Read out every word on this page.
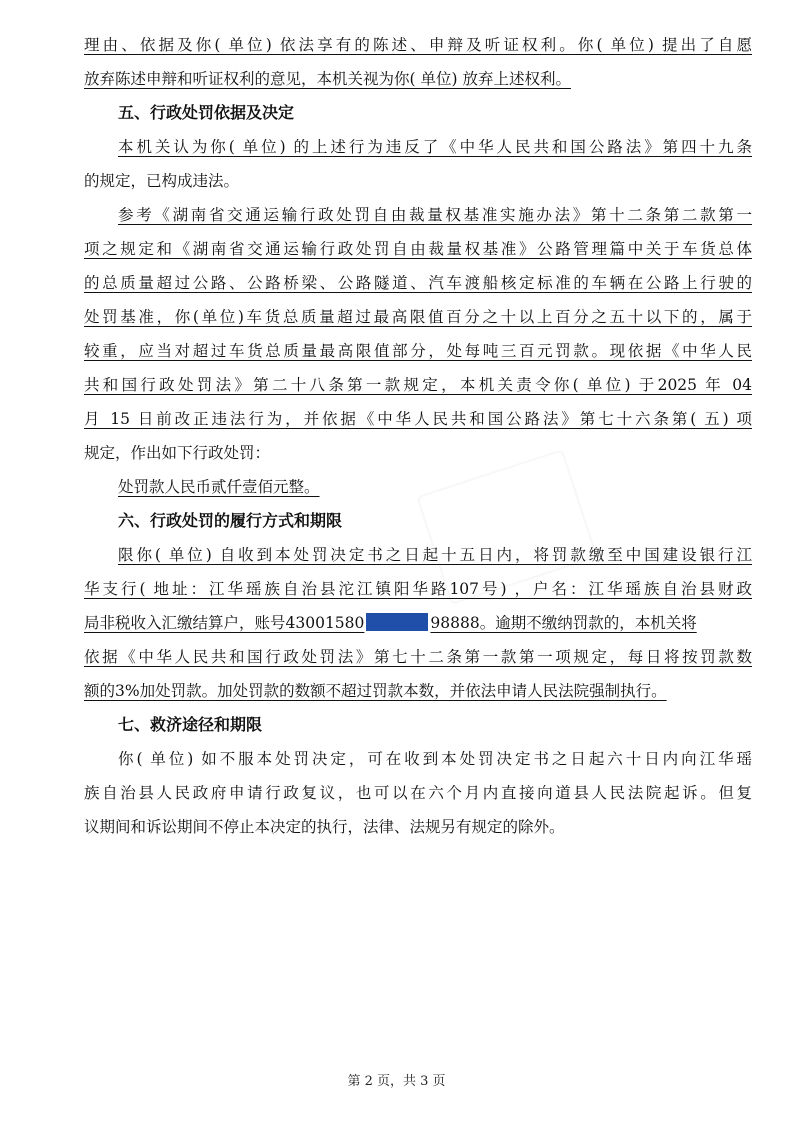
理由、依据及你( 单位) 依法享有的陈述、申辩及听证权利。你( 单位) 提出了自愿
放弃陈述申辩和听证权利的意见，本机关视为你( 单位) 放弃上述权利。
五、行政处罚依据及决定
本机关认为你( 单位) 的上述行为违反了《中华人民共和国公路法》第四十九条
的规定，已构成违法。
参考《湖南省交通运输行政处罚自由裁量权基准实施办法》第十二条第二款第一
项之规定和《湖南省交通运输行政处罚自由裁量权基准》公路管理篇中关于车货总体
的总质量超过公路、公路桥梁、公路隧道、汽车渡船核定标准的车辆在公路上行驶的
处罚基准，你(单位)车货总质量超过最高限值百分之十以上百分之五十以下的，属于
较重，应当对超过车货总质量最高限值部分，处每吨三百元罚款。现依据《中华人民
共和国行政处罚法》第二十八条第一款规定，本机关责令你( 单位) 于2025 年 04
月 15 日前改正违法行为，并依据《中华人民共和国公路法》第七十六条第( 五) 项
规定，作出如下行政处罚：
处罚款人民币贰仟壹佰元整。
六、行政处罚的履行方式和期限
限你( 单位) 自收到本处罚决定书之日起十五日内，将罚款缴至中国建设银行江
华支行( 地址：江华瑶族自治县沱江镇阳华路107号) ，户名：江华瑶族自治县财政
局非税收入汇缴结算户，账号43001580	98888。逾期不缴纳罚款的，本机关将
依据《中华人民共和国行政处罚法》第七十二条第一款第一项规定，每日将按罚款数
额的3%加处罚款。加处罚款的数额不超过罚款本数，并依法申请人民法院强制执行。
七、救济途径和期限
你( 单位) 如不服本处罚决定，可在收到本处罚决定书之日起六十日内向江华瑶
族自治县人民政府申请行政复议，也可以在六个月内直接向道县人民法院起诉。但复
议期间和诉讼期间不停止本决定的执行，法律、法规另有规定的除外。
第 2 页，共 3 页
